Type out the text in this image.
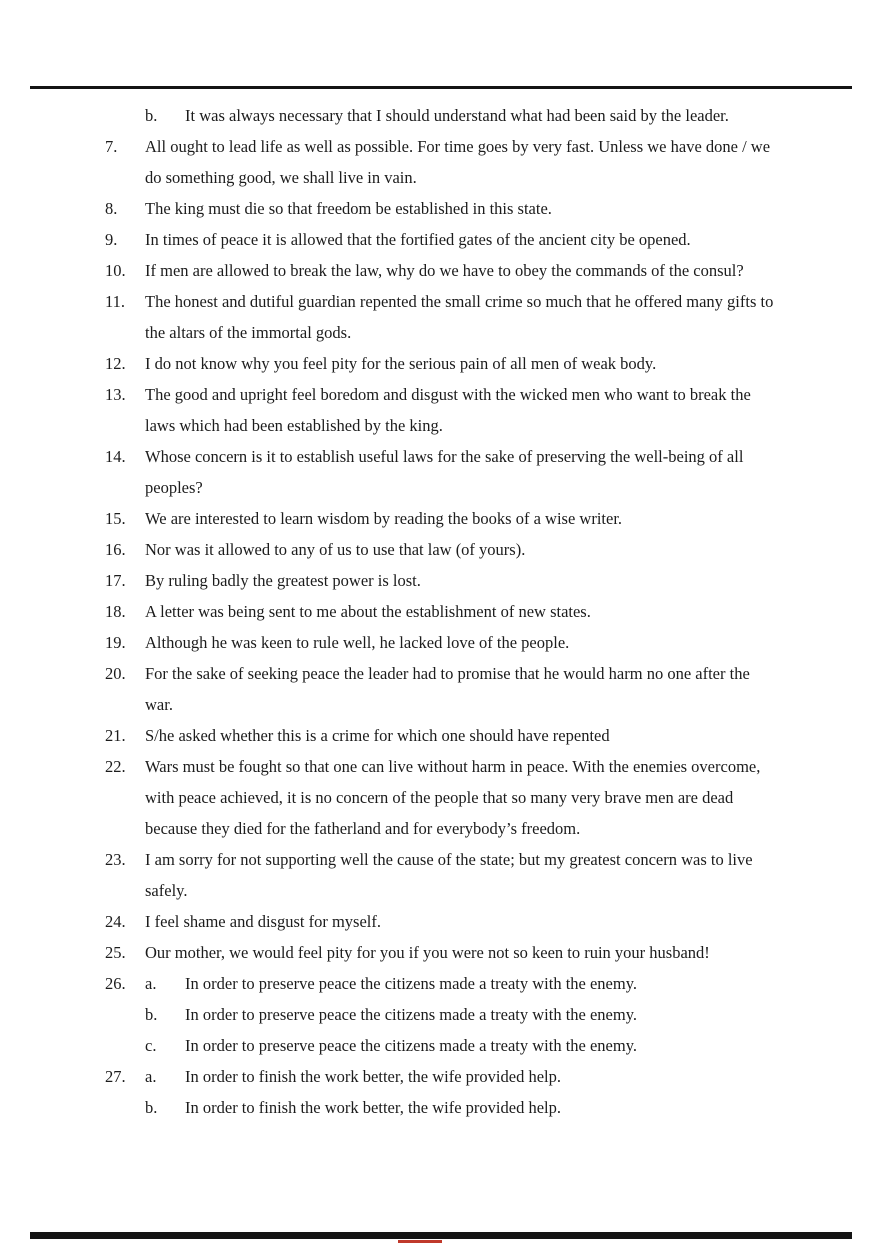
b.	It was always necessary that I should understand what had been said by the leader.
7.	All ought to lead life as well as possible. For time goes by very fast. Unless we have done / we do something good, we shall live in vain.
8.	The king must die so that freedom be established in this state.
9.	In times of peace it is allowed that the fortified gates of the ancient city be opened.
10.	If men are allowed to break the law, why do we have to obey the commands of the consul?
11.	The honest and dutiful guardian repented the small crime so much that he offered many gifts to the altars of the immortal gods.
12.	I do not know why you feel pity for the serious pain of all men of weak body.
13.	The good and upright feel boredom and disgust with the wicked men who want to break the laws which had been established by the king.
14.	Whose concern is it to establish useful laws for the sake of preserving the well-being of all peoples?
15.	We are interested to learn wisdom by reading the books of a wise writer.
16.	Nor was it allowed to any of us to use that law (of yours).
17.	By ruling badly the greatest power is lost.
18.	A letter was being sent to me about the establishment of new states.
19.	Although he was keen to rule well, he lacked love of the people.
20.	For the sake of seeking peace the leader had to promise that he would harm no one after the war.
21.	S/he asked whether this is a crime for which one should have repented
22.	Wars must be fought so that one can live without harm in peace. With the enemies overcome, with peace achieved, it is no concern of the people that so many very brave men are dead because they died for the fatherland and for everybody’s freedom.
23.	I am sorry for not supporting well the cause of the state; but my greatest concern was to live safely.
24.	I feel shame and disgust for myself.
25.	Our mother, we would feel pity for you if you were not so keen to ruin your husband!
26.	a.	In order to preserve peace the citizens made a treaty with the enemy.
b.	In order to preserve peace the citizens made a treaty with the enemy.
c.	In order to preserve peace the citizens made a treaty with the enemy.
27.	a.	In order to finish the work better, the wife provided help.
b.	In order to finish the work better, the wife provided help.
